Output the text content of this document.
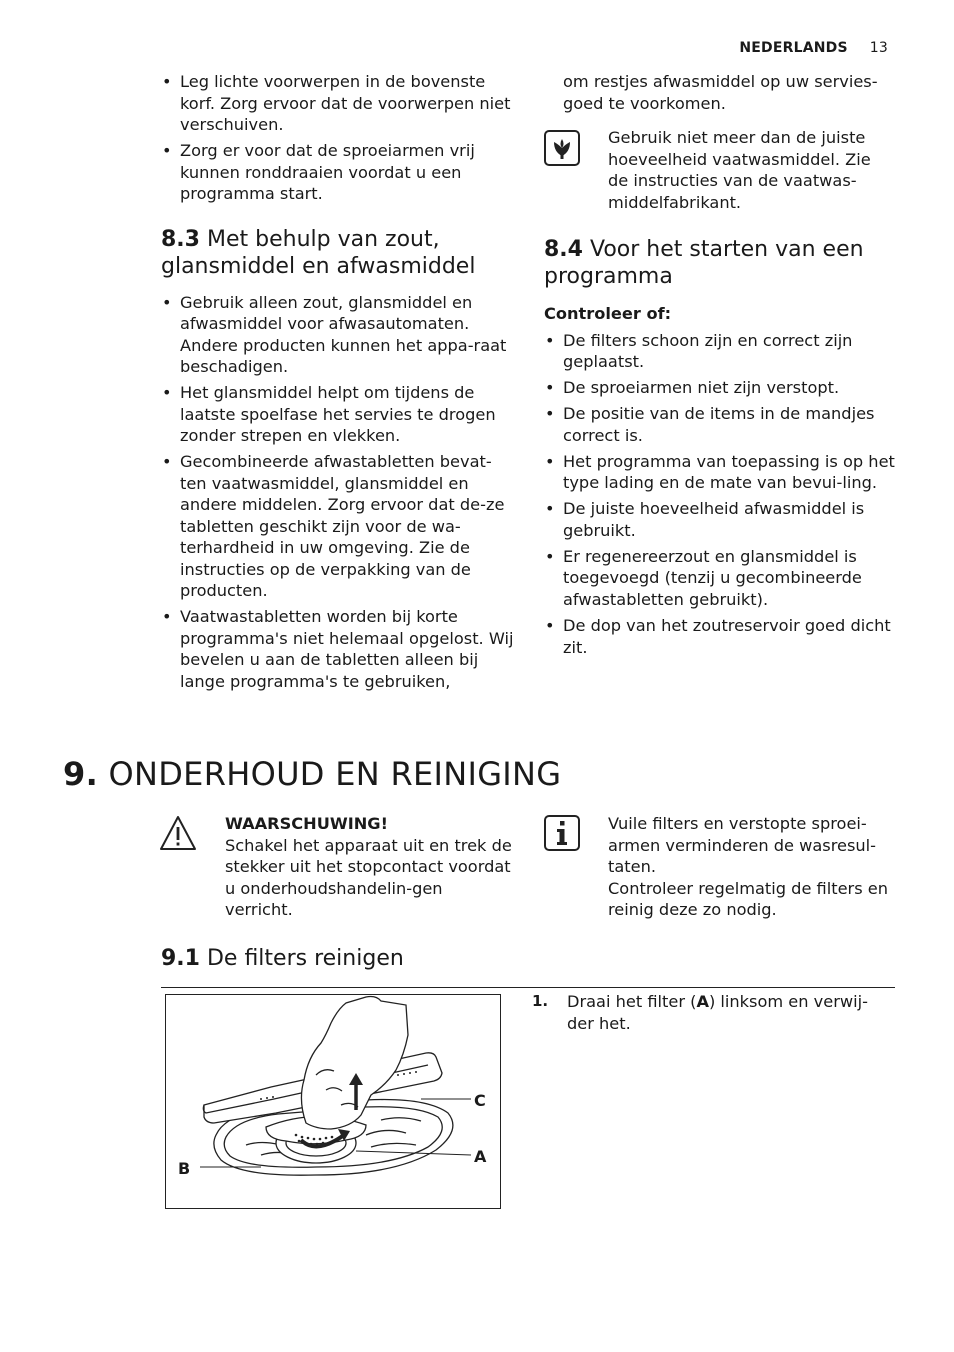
NEDERLANDS 13
• Leg lichte voorwerpen in de bovenste korf. Zorg ervoor dat de voorwerpen niet verschuiven.
• Zorg er voor dat de sproeiarmen vrij kunnen ronddraaien voordat u een programma start.
8.3 Met behulp van zout,
glansmiddel en afwasmiddel
• Gebruik alleen zout, glansmiddel en afwasmiddel voor afwasautomaten. Andere producten kunnen het appa-raat beschadigen.
• Het glansmiddel helpt om tijdens de laatste spoelfase het servies te drogen zonder strepen en vlekken.
• Gecombineerde afwastabletten bevat-ten vaatwasmiddel, glansmiddel en andere middelen. Zorg ervoor dat de-ze tabletten geschikt zijn voor de wa-terhardheid in uw omgeving. Zie de instructies op de verpakking van de producten.
• Vaatwastabletten worden bij korte programma's niet helemaal opgelost. Wij bevelen u aan de tabletten alleen bij lange programma's te gebruiken,
om restjes afwasmiddel op uw servies-goed te voorkomen.
Gebruik niet meer dan de juiste hoeveelheid vaatwasmiddel. Zie de instructies van de vaatwas-middelfabrikant.
8.4 Voor het starten van een
programma
Controleer of:
• De filters schoon zijn en correct zijn geplaatst.
• De sproeiarmen niet zijn verstopt.
• De positie van de items in de mandjes correct is.
• Het programma van toepassing is op het type lading en de mate van bevui-ling.
• De juiste hoeveelheid afwasmiddel is gebruikt.
• Er regenereerzout en glansmiddel is toegevoegd (tenzij u gecombineerde afwastabletten gebruikt).
• De dop van het zoutreservoir goed dicht zit.
9. ONDERHOUD EN REINIGING
WAARSCHUWING!
Schakel het apparaat uit en trek de stekker uit het stopcontact voordat u onderhoudshandelin-gen verricht.
Vuile filters en verstopte sproei-armen verminderen de wasresul-taten.
Controleer regelmatig de filters en reinig deze zo nodig.
9.1 De filters reinigen
B
A
C
1. Draai het filter (A) linksom en verwij-der het.
